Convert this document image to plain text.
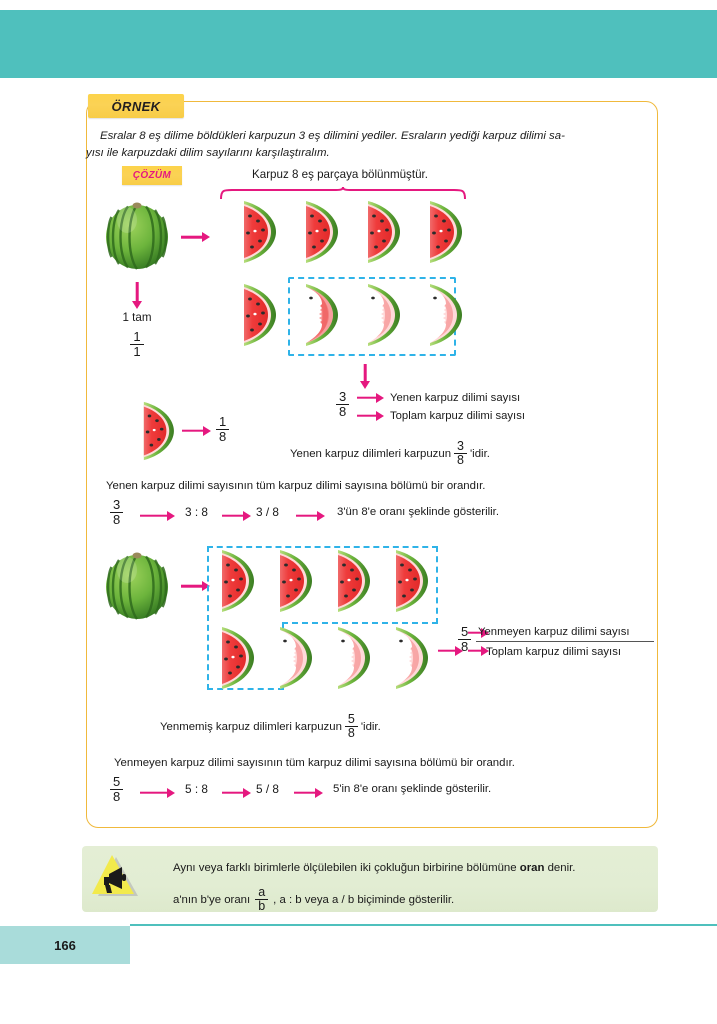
ÖRNEK
Esralar 8 eş dilime böldükleri karpuzun 3 eş dilimini yediler. Esraların yediği karpuz dilimi sa-
yısı ile karpuzdaki dilim sayılarını karşılaştıralım.
ÇÖZÜM	Karpuz 8 eş parçaya bölünmüştür.
1 tam
$\frac{1}{1}$
$\frac{3}{8}$	Yenen karpuz dilimi sayısı
Toplam karpuz dilimi sayısı
$\frac{1}{8}$
Yenen karpuz dilimleri karpuzun $\frac{3}{8}$ 'idir.
Yenen karpuz dilimi sayısının tüm karpuz dilimi sayısına bölümü bir orandır.
$\frac{3}{8}$	3 : 8	3 / 8	3'ün 8'e oranı şeklinde gösterilir.
$\frac{5}{8}$ Yenmeyen karpuz dilimi sayısı
Toplam karpuz dilimi sayısı
Yenmemiş karpuz dilimleri karpuzun $\frac{5}{8}$ 'idir.
Yenmeyen karpuz dilimi sayısının tüm karpuz dilimi sayısına bölümü bir orandır.
$\frac{5}{8}$	5 : 8	5 / 8	5'in 8'e oranı şeklinde gösterilir.
Aynı veya farklı birimlerle ölçülebilen iki çokluğun birbirine bölümüne oran denir.
a'nın b'ye oranı $\frac{a}{b}$ , a : b veya a / b biçiminde gösterilir.
166
